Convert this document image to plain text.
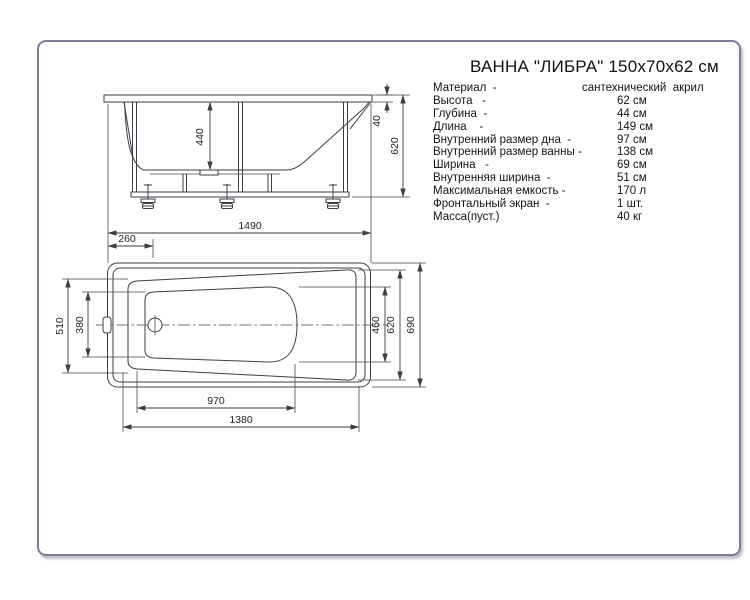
ВАННА "ЛИБРА" 150х70х62 см
Материал  -	сантехнический  акрил
Высота   -	62 см
Глубина  -	44 см
Длина    -	149 см
Внутренний размер дна  -	97 см
Внутренний размер ванны -	138 см
Ширина   -	69 см
Внутренняя ширина  -	51 см
Максимальная емкость -	170 л
Фронтальный экран  -	1 шт.
Масса(пуст.)	40 кг
440
40
620
1490
260
510 380	460 620 690
970
1380
